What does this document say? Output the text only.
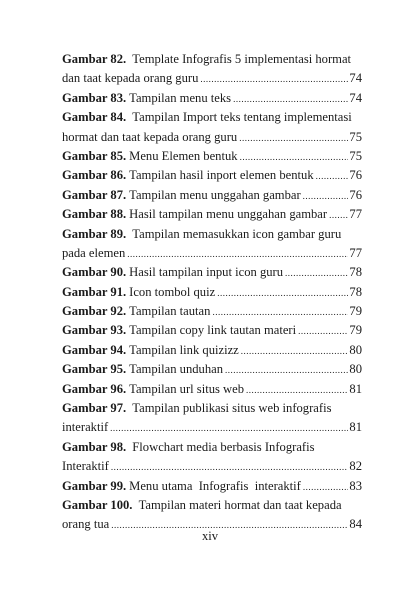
Gambar 82. Template Infografis 5 implementasi hormat
dan taat kepada orang guru .....	74
Gambar 83. Tampilan menu teks .....	74
Gambar 84. Tampilan Import teks tentang implementasi
hormat dan taat kepada orang guru .....	75
Gambar 85. Menu Elemen bentuk .....	75
Gambar 86. Tampilan hasil inport elemen bentuk .....	76
Gambar 87. Tampilan menu unggahan gambar .....	76
Gambar 88. Hasil tampilan menu unggahan gambar ..... 77
Gambar 89. Tampilan memasukkan icon gambar guru
pada elemen .....	77
Gambar 90. Hasil tampilan input icon guru .....	78
Gambar 91. Icon tombol quiz .....	78
Gambar 92. Tampilan tautan .....	79
Gambar 93. Tampilan copy link tautan materi .....	79
Gambar 94. Tampilan link quizizz .....	80
Gambar 95. Tampilan unduhan .....	80
Gambar 96. Tampilan url situs web .....	81
Gambar 97. Tampilan publikasi situs web infografis
interaktif .....	81
Gambar 98. Flowchart media berbasis Infografis
Interaktif .....	82
Gambar 99. Menu utama  Infografis  interaktif .....	83
Gambar 100. Tampilan materi hormat dan taat kepada
orang tua .....	84
xiv
